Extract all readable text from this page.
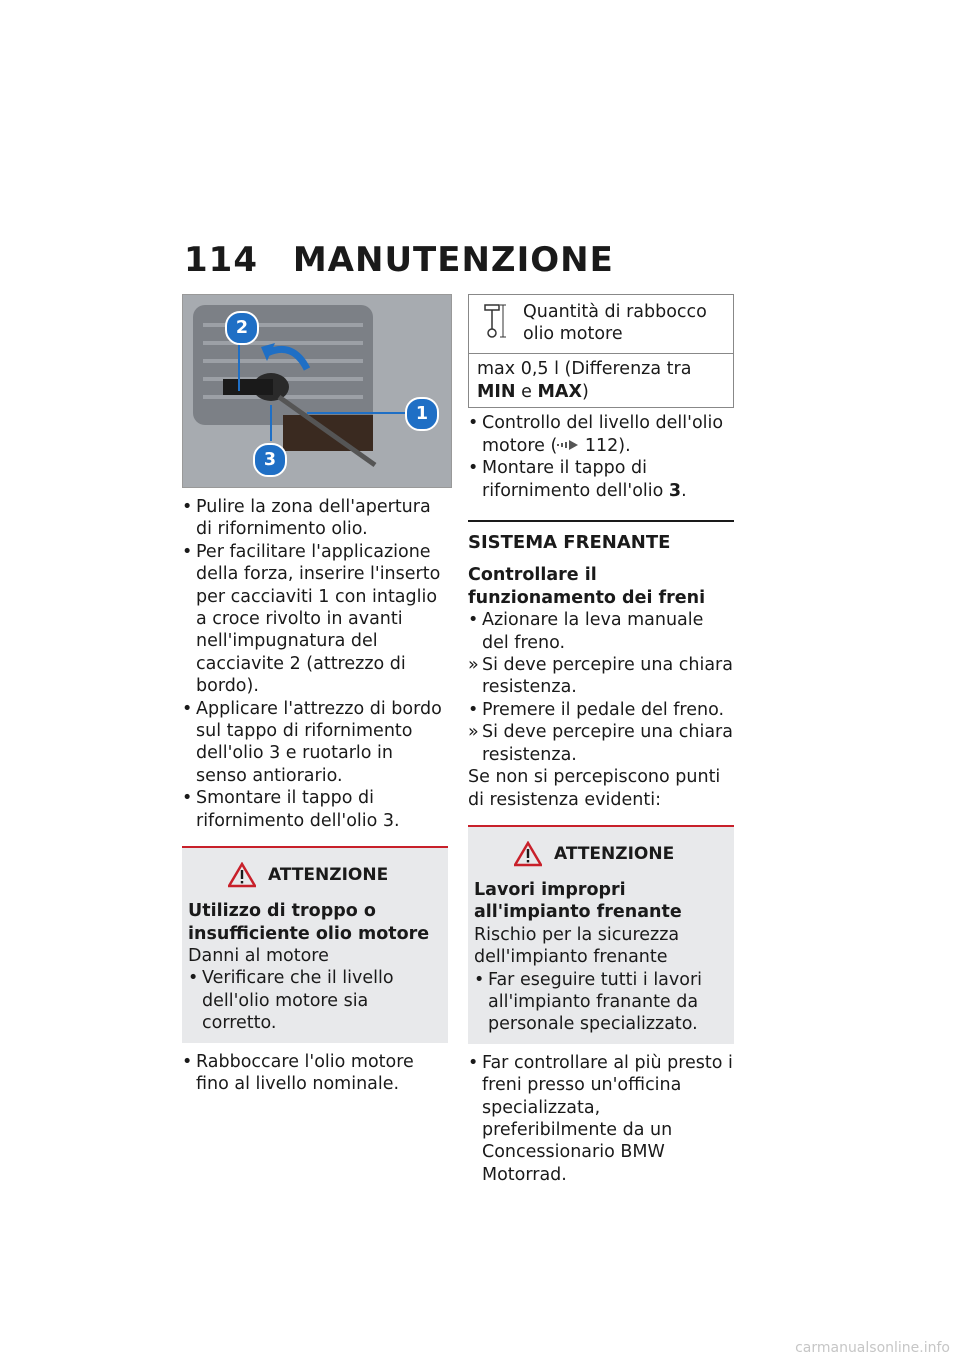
114 MANUTENZIONE
2
1
3
• Pulire la zona dell'apertura di rifornimento olio.
• Per facilitare l'applicazione della forza, inserire l'inserto per cacciaviti 1 con intaglio a croce rivolto in avanti nell'impugnatura del cacciavite 2 (attrezzo di bordo).
• Applicare l'attrezzo di bordo sul tappo di rifornimento dell'olio 3 e ruotarlo in senso antiorario.
• Smontare il tappo di rifornimento dell'olio 3.
ATTENZIONE
Utilizzo di troppo o insufficiente olio motore
Danni al motore
• Verificare che il livello dell'olio motore sia corretto.
• Rabboccare l'olio motore fino al livello nominale.
Quantità di rabbocco olio motore
max 0,5 l (Differenza tra MIN e MAX)
• Controllo del livello dell'olio motore ( 112).
• Montare il tappo di rifornimento dell'olio 3.
SISTEMA FRENANTE
Controllare il funzionamento dei freni
• Azionare la leva manuale del freno.
» Si deve percepire una chiara resistenza.
• Premere il pedale del freno.
» Si deve percepire una chiara resistenza.
Se non si percepiscono punti di resistenza evidenti:
ATTENZIONE
Lavori impropri all'impianto frenante
Rischio per la sicurezza dell'impianto frenante
• Far eseguire tutti i lavori all'impianto franante da personale specializzato.
• Far controllare al più presto i freni presso un'officina specializzata, preferibilmente da un Concessionario BMW Motorrad.
carmanualsonline.info
